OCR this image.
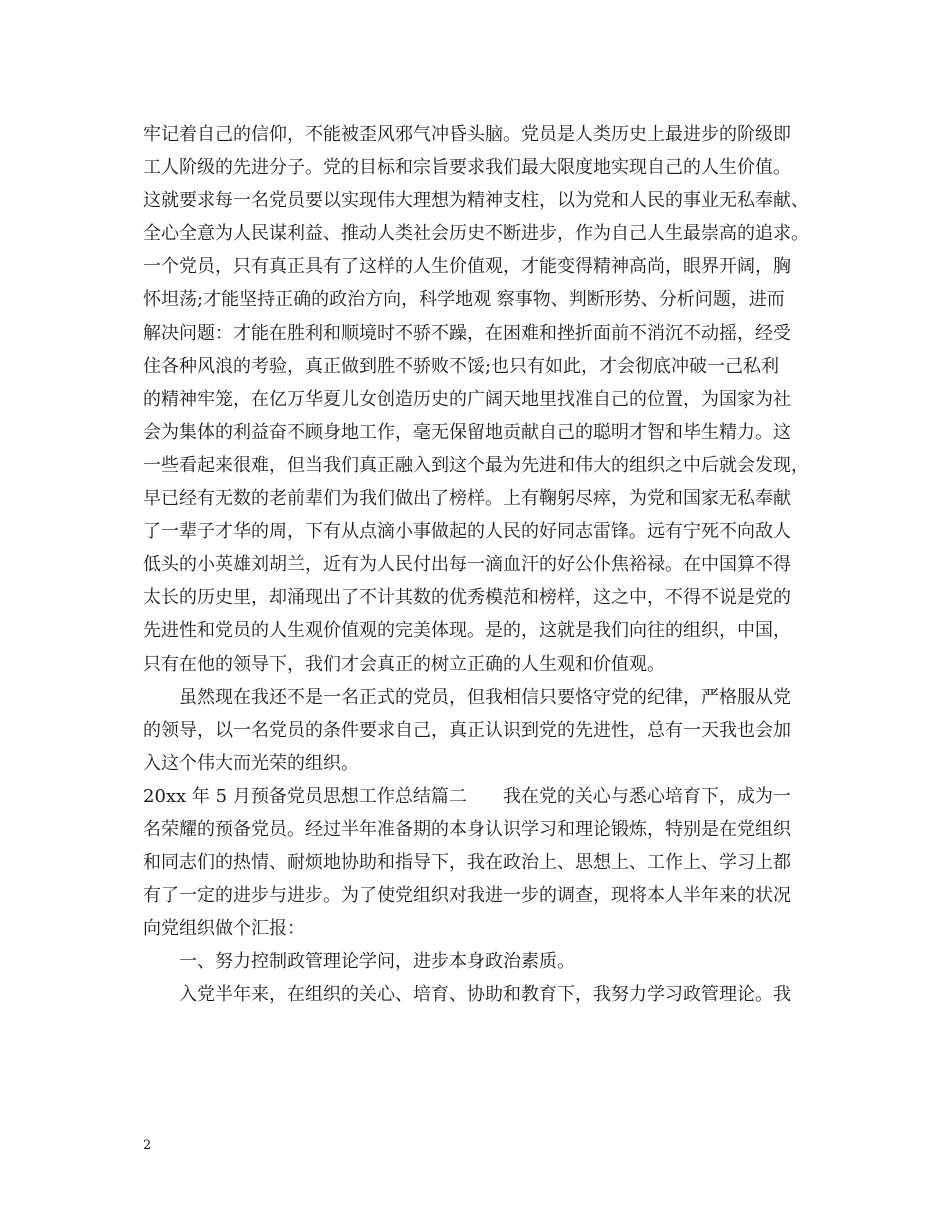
牢记着自己的信仰，不能被歪风邪气冲昏头脑。党员是人类历史上最进步的阶级即
工人阶级的先进分子。党的目标和宗旨要求我们最大限度地实现自己的人生价值。
这就要求每一名党员要以实现伟大理想为精神支柱，以为党和人民的事业无私奉献、
全心全意为人民谋利益、推动人类社会历史不断进步，作为自己人生最崇高的追求。
一个党员，只有真正具有了这样的人生价值观，才能变得精神高尚，眼界开阔，胸
怀坦荡;才能坚持正确的政治方向，科学地观 察事物、判断形势、分析问题，进而
解决问题：才能在胜利和顺境时不骄不躁，在困难和挫折面前不消沉不动摇，经受
住各种风浪的考验，真正做到胜不骄败不馁;也只有如此，才会彻底冲破一己私利
的精神牢笼，在亿万华夏儿女创造历史的广阔天地里找准自己的位置，为国家为社
会为集体的利益奋不顾身地工作，毫无保留地贡献自己的聪明才智和毕生精力。这
一些看起来很难，但当我们真正融入到这个最为先进和伟大的组织之中后就会发现，
早已经有无数的老前辈们为我们做出了榜样。上有鞠躬尽瘁，为党和国家无私奉献
了一辈子才华的周，下有从点滴小事做起的人民的好同志雷锋。远有宁死不向敌人
低头的小英雄刘胡兰，近有为人民付出每一滴血汗的好公仆焦裕禄。在中国算不得
太长的历史里，却涌现出了不计其数的优秀模范和榜样，这之中，不得不说是党的
先进性和党员的人生观价值观的完美体现。是的，这就是我们向往的组织，中国，
只有在他的领导下，我们才会真正的树立正确的人生观和价值观。
虽然现在我还不是一名正式的党员，但我相信只要恪守党的纪律，严格服从党
的领导，以一名党员的条件要求自己，真正认识到党的先进性，总有一天我也会加
入这个伟大而光荣的组织。
20xx 年 5 月预备党员思想工作总结篇二　　我在党的关心与悉心培育下，成为一
名荣耀的预备党员。经过半年准备期的本身认识学习和理论锻炼，特别是在党组织
和同志们的热情、耐烦地协助和指导下，我在政治上、思想上、工作上、学习上都
有了一定的进步与进步。为了使党组织对我进一步的调查，现将本人半年来的状况
向党组织做个汇报：
一、努力控制政管理论学问，进步本身政治素质。
入党半年来，在组织的关心、培育、协助和教育下，我努力学习政管理论。我
2
